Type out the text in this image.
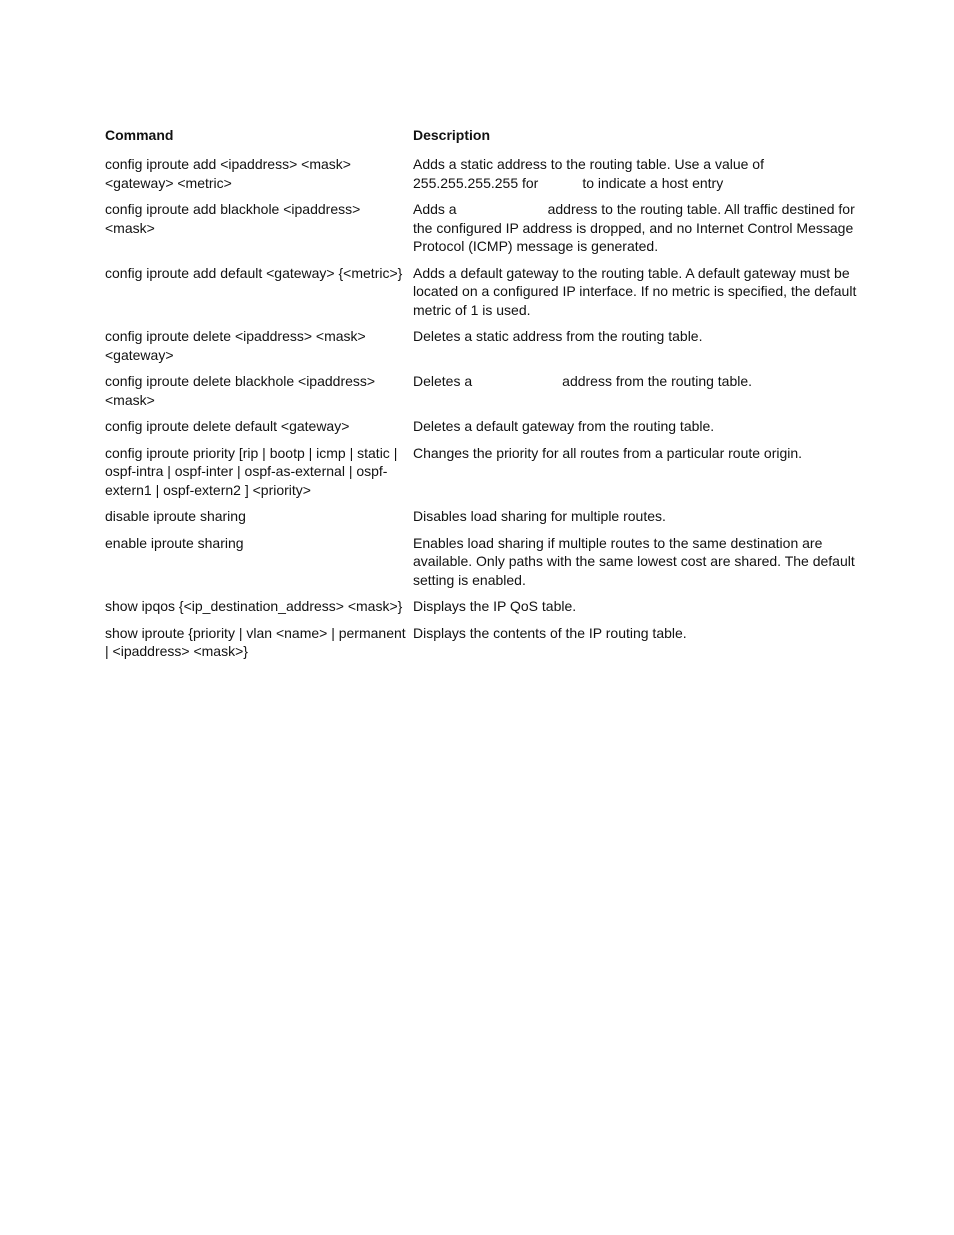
Command	Description
config iproute add <ipaddress> <mask> <gateway> <metric>	Adds a static address to the routing table. Use a value of 255.255.255.255 for to indicate a host entry
config iproute add blackhole <ipaddress> <mask>	Adds a address to the routing table. All traffic destined for the configured IP address is dropped, and no Internet Control Message Protocol (ICMP) message is generated.
config iproute add default <gateway> {<metric>}	Adds a default gateway to the routing table. A default gateway must be located on a configured IP interface. If no metric is specified, the default metric of 1 is used.
config iproute delete <ipaddress> <mask> <gateway>	Deletes a static address from the routing table.
config iproute delete blackhole <ipaddress> <mask>	Deletes a address from the routing table.
config iproute delete default <gateway>	Deletes a default gateway from the routing table.
config iproute priority [rip | bootp | icmp | static | ospf-intra | ospf-inter | ospf-as-external | ospf-extern1 | ospf-extern2 ] <priority>	Changes the priority for all routes from a particular route origin.
disable iproute sharing	Disables load sharing for multiple routes.
enable iproute sharing	Enables load sharing if multiple routes to the same destination are available. Only paths with the same lowest cost are shared. The default setting is enabled.
show ipqos {<ip_destination_address> <mask>}	Displays the IP QoS table.
show iproute {priority | vlan <name> | permanent | <ipaddress> <mask>}	Displays the contents of the IP routing table.
